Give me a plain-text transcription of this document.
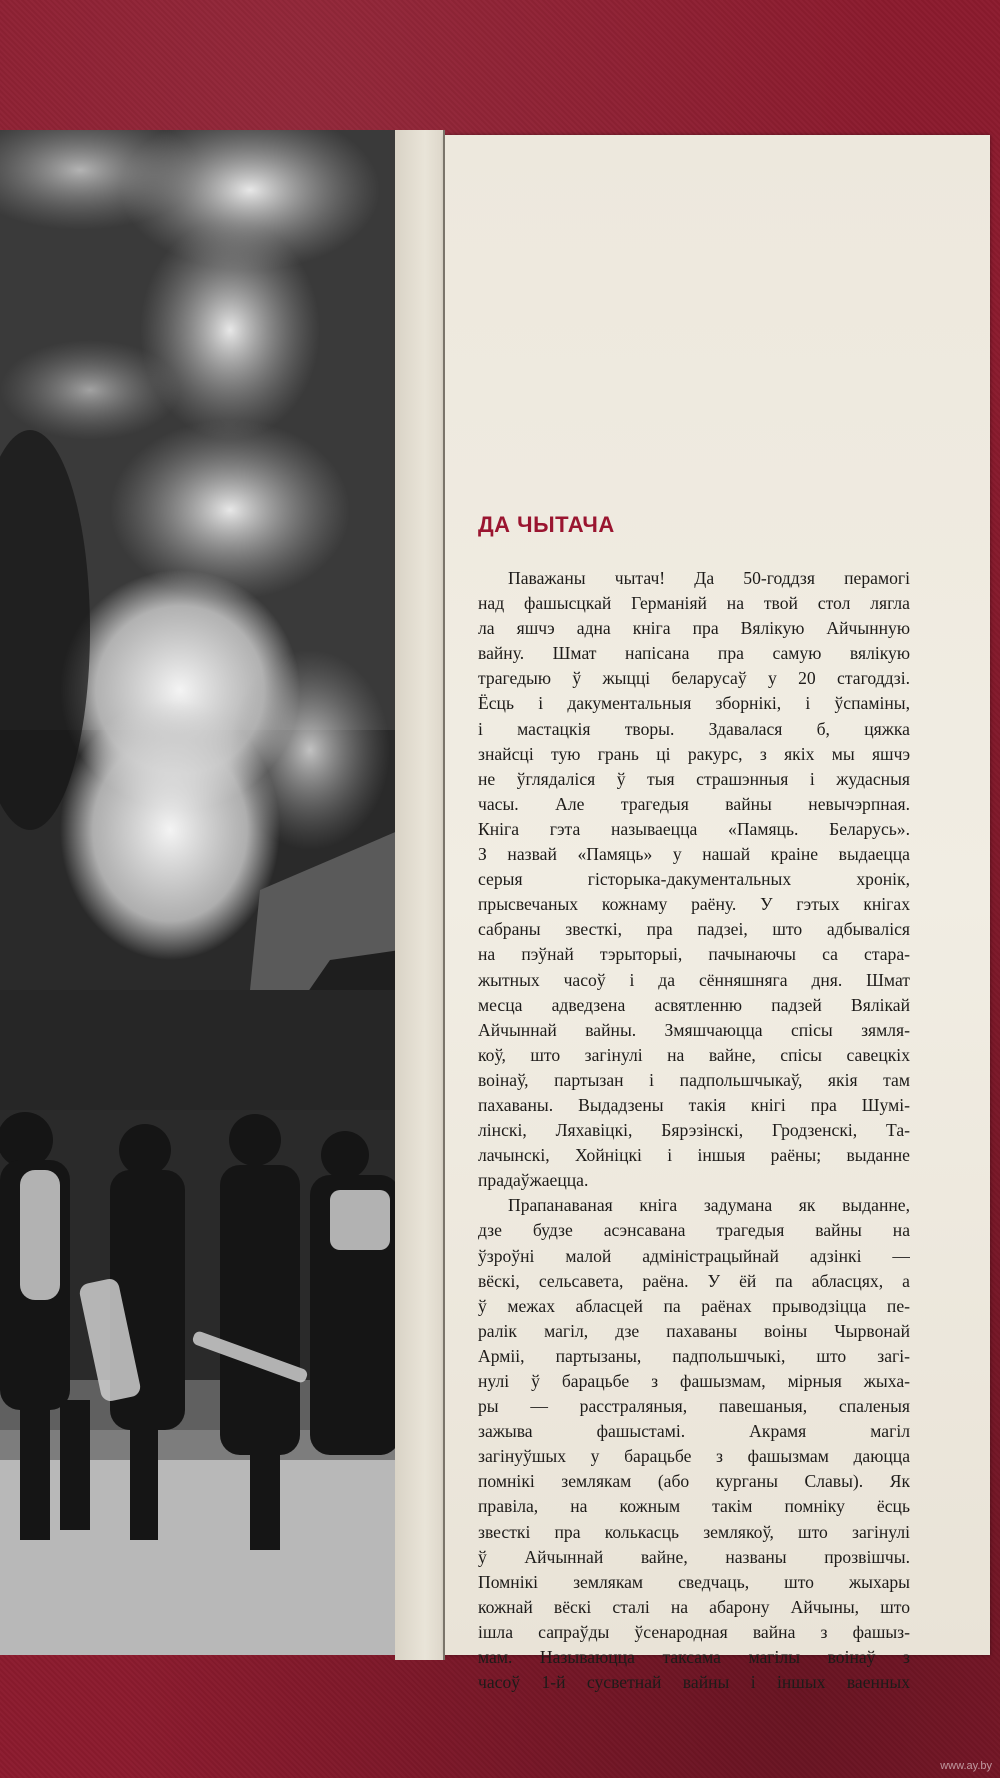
ДА ЧЫТАЧА
Паважаны чытач! Да 50-годдзя перамогі
над фашысцкай Германіяй на твой стол лягла
ла яшчэ адна кніга пра Вялікую Айчынную
вайну. Шмат напісана пра самую вялікую
трагедыю ў жыцці беларусаў у 20 стагоддзі.
Ёсць і дакументальныя зборнікі, і ўспаміны,
і мастацкія творы. Здавалася б, цяжка
знайсці тую грань ці ракурс, з якіх мы яшчэ
не ўглядаліся ў тыя страшэнныя і жудасныя
часы. Але трагедыя вайны невычэрпная.
Кніга гэта называецца «Памяць. Беларусь».
З назвай «Памяць» у нашай краіне выдаецца
серыя гісторыка-дакументальных хронік,
прысвечаных кожнаму раёну. У гэтых кнігах
сабраны звесткі, пра падзеі, што адбываліся
на пэўнай тэрыторыі, пачынаючы са стара-
жытных часоў і да сённяшняга дня. Шмат
месца адведзена асвятленню падзей Вялікай
Айчыннай вайны. Змяшчаюцца спісы зямля-
коў, што загінулі на вайне, спісы савецкіх
воінаў, партызан і падпольшчыкаў, якія там
пахаваны. Выдадзены такія кнігі пра Шумі-
лінскі, Ляхавіцкі, Бярэзінскі, Гродзенскі, Та-
лачынскі, Хойніцкі і іншыя раёны; выданне
прадаўжаецца.
Прапанаваная кніга задумана як выданне,
дзе будзе асэнсавана трагедыя вайны на
ўзроўні малой адміністрацыйнай адзінкі —
вёскі, сельсавета, раёна. У ёй па абласцях, а
ў межах абласцей па раёнах прыводзіцца пе-
ралік магіл, дзе пахаваны воіны Чырвонай
Арміі, партызаны, падпольшчыкі, што загі-
нулі ў барацьбе з фашызмам, мірныя жыха-
ры — расстраляныя, павешаныя, спаленыя
зажыва фашыстамі. Акрамя магіл
загінуўшых у барацьбе з фашызмам даюцца
помнікі землякам (або курганы Славы). Як
правіла, на кожным такім помніку ёсць
звесткі пра колькасць землякоў, што загінулі
ў Айчыннай вайне, названы прозвішчы.
Помнікі землякам сведчаць, што жыхары
кожнай вёскі сталі на абарону Айчыны, што
ішла сапраўды ўсенародная вайна з фашыз-
мам. Называюцца таксама магілы воінаў з
часоў 1-й сусветнай вайны і іншых ваенных
www.ay.by
